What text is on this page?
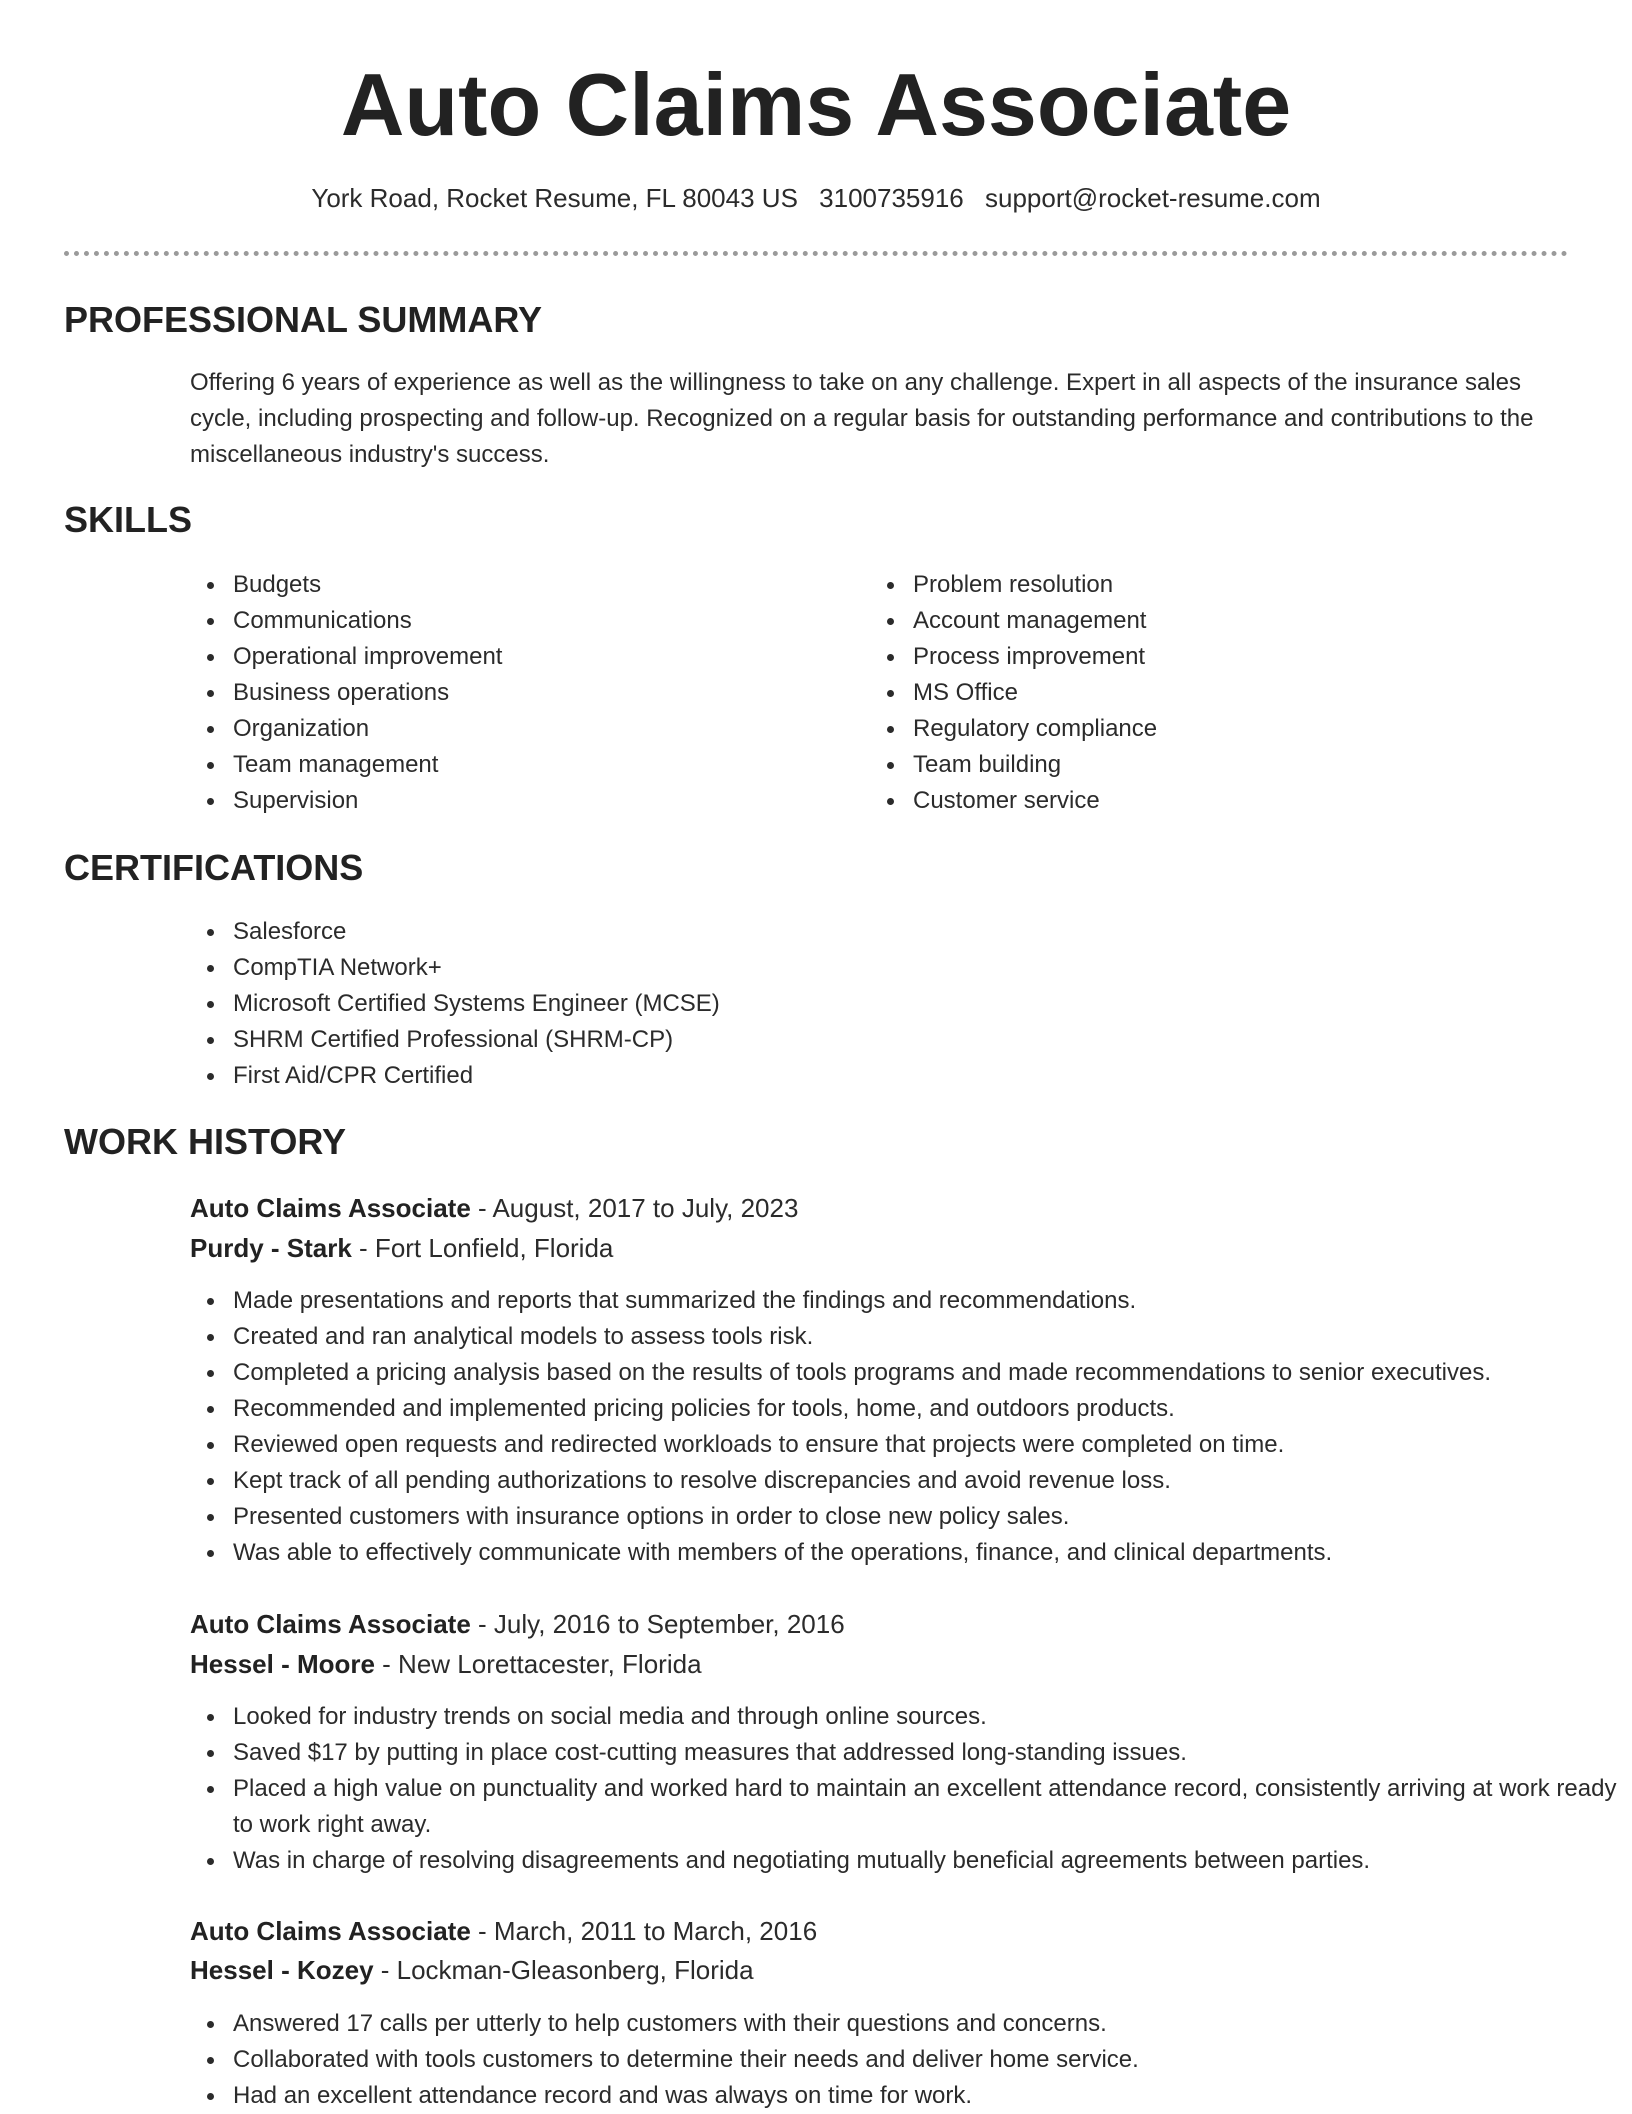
Auto Claims Associate
York Road, Rocket Resume, FL 80043 US 3100735916 support@rocket-resume.com
PROFESSIONAL SUMMARY

Offering 6 years of experience as well as the willingness to take on any challenge. Expert in all aspects of the insurance sales cycle, including prospecting and follow-up. Recognized on a regular basis for outstanding performance and contributions to the miscellaneous industry's success.

SKILLS
Budgets
Communications
Operational improvement
Business operations
Organization
Team management
Supervision
Problem resolution
Account management
Process improvement
MS Office
Regulatory compliance
Team building
Customer service
CERTIFICATIONS
Salesforce
CompTIA Network+
Microsoft Certified Systems Engineer (MCSE)
SHRM Certified Professional (SHRM-CP)
First Aid/CPR Certified
WORK HISTORY

Auto Claims Associate - August, 2017 to July, 2023

Purdy - Stark - Fort Lonfield, Florida

Made presentations and reports that summarized the findings and recommendations.
Created and ran analytical models to assess tools risk.
Completed a pricing analysis based on the results of tools programs and made recommendations to senior executives.
Recommended and implemented pricing policies for tools, home, and outdoors products.
Reviewed open requests and redirected workloads to ensure that projects were completed on time.
Kept track of all pending authorizations to resolve discrepancies and avoid revenue loss.
Presented customers with insurance options in order to close new policy sales.
Was able to effectively communicate with members of the operations, finance, and clinical departments.

Auto Claims Associate - July, 2016 to September, 2016

Hessel - Moore - New Lorettacester, Florida

Looked for industry trends on social media and through online sources.
Saved $17 by putting in place cost-cutting measures that addressed long-standing issues.
Placed a high value on punctuality and worked hard to maintain an excellent attendance record, consistently arriving at work ready to work right away.
Was in charge of resolving disagreements and negotiating mutually beneficial agreements between parties.

Auto Claims Associate - March, 2011 to March, 2016

Hessel - Kozey - Lockman-Gleasonberg, Florida

Answered 17 calls per utterly to help customers with their questions and concerns.
Collaborated with tools customers to determine their needs and deliver home service.
Had an excellent attendance record and was always on time for work.
